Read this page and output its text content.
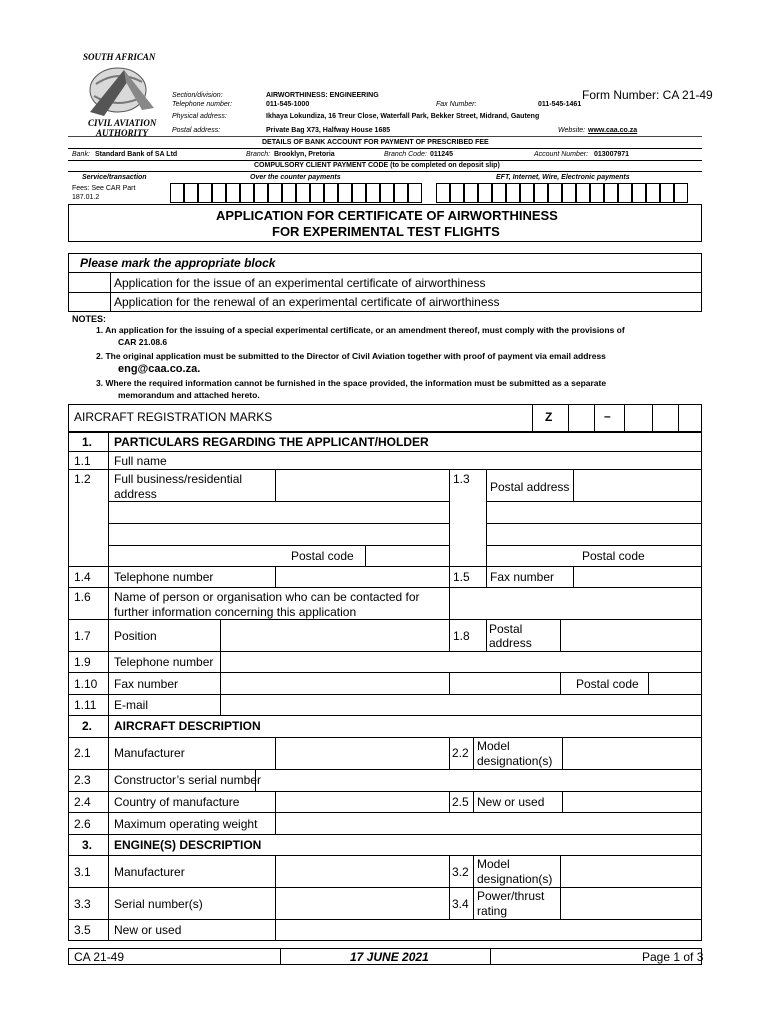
SOUTH AFRICAN
CIVIL AVIATION
AUTHORITY
Form Number: CA 21-49
Section/division:	AIRWORTHINESS: ENGINEERING
Telephone number:	011-545-1000	Fax Number:	011-545-1461
Physical address:	Ikhaya Lokundiza, 16 Treur Close, Waterfall Park, Bekker Street, Midrand, Gauteng
Postal address:	Private Bag X73, Halfway House 1685	Website: www.caa.co.za
DETAILS OF BANK ACCOUNT FOR PAYMENT OF PRESCRIBED FEE
Bank: Standard Bank of SA Ltd	Branch: Brooklyn, Pretoria	Branch Code: 011245	Account Number: 013007971
COMPULSORY CLIENT PAYMENT CODE (to be completed on deposit slip)
Service/transaction	Over the counter payments	EFT, Internet, Wire, Electronic payments
Fees: See CAR Part
187.01.2
APPLICATION FOR CERTIFICATE OF AIRWORTHINESS
FOR EXPERIMENTAL TEST FLIGHTS
Please mark the appropriate block
Application for the issue of an experimental certificate of airworthiness
Application for the renewal of an experimental certificate of airworthiness
NOTES:
1. An application for the issuing of a special experimental certificate, or an amendment thereof, must comply with the provisions of
CAR 21.08.6
2. The original application must be submitted to the Director of Civil Aviation together with proof of payment via email address
eng@caa.co.za.
3. Where the required information cannot be furnished in the space provided, the information must be submitted as a separate
memorandum and attached hereto.
AIRCRAFT REGISTRATION MARKS	Z	–
1. PARTICULARS REGARDING THE APPLICANT/HOLDER
1.1 Full name
1.2 Full business/residential
address
1.3
Postal address
Postal code	Postal code
1.4 Telephone number	1.5 Fax number
1.6 Name of person or organisation who can be contacted for
further information concerning this application
1.7 Position	1.8 Postal
address
1.9 Telephone number
1.10 Fax number	Postal code
1.11 E-mail
2. AIRCRAFT DESCRIPTION
2.1 Manufacturer	2.2 Model
designation(s)
2.3 Constructor’s serial number
2.4 Country of manufacture	2.5 New or used
2.6 Maximum operating weight
3. ENGINE(S) DESCRIPTION
3.1 Manufacturer	3.2
Model
designation(s)
3.3 Serial number(s)	3.4
Power/thrust
rating
3.5 New or used
CA 21-49	17 JUNE 2021	Page 1 of 3
